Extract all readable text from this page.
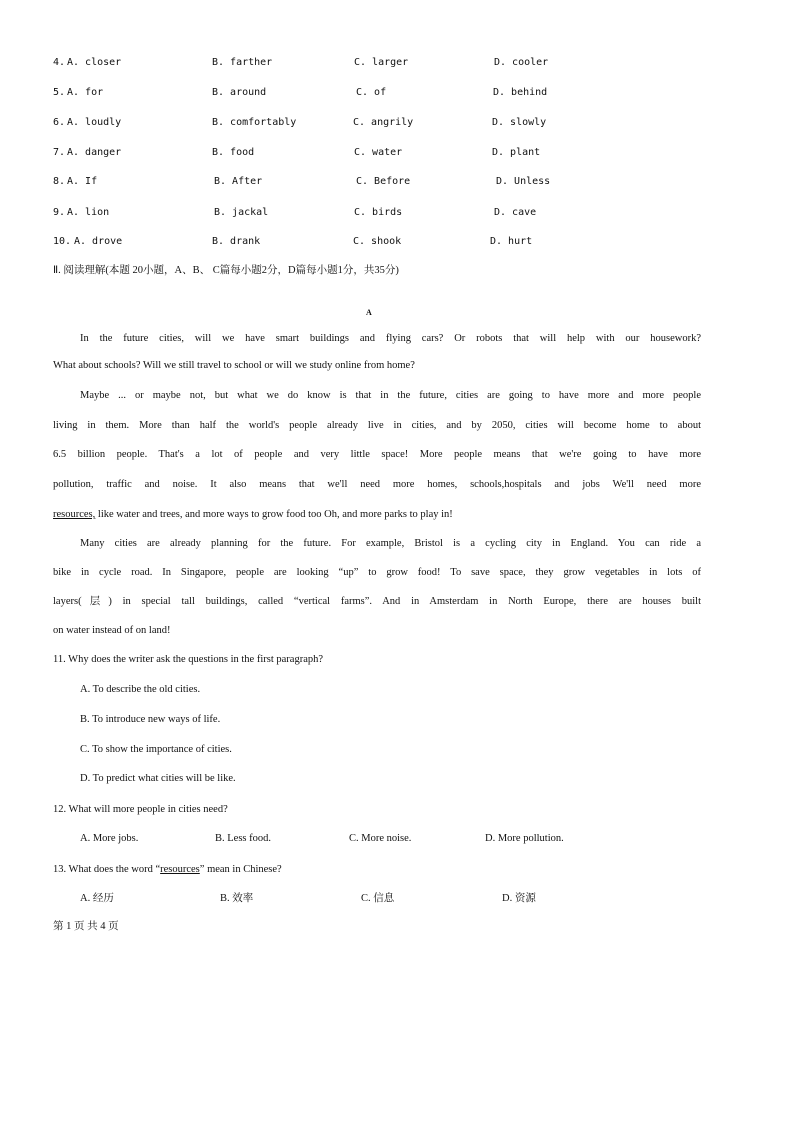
4. A. closer	B. farther	C. larger	D. cooler
5. A. for	B. around	C. of	D. behind
6. A. loudly	B. comfortably	C. angrily	D. slowly
7. A. danger	B. food	C. water	D. plant
8. A. If	B. After	C. Before	D. Unless
9. A. lion	B. jackal	C. birds	D. cave
10. A. drove	B. drank	C. shook	D. hurt
Ⅱ. 阅读理解(本题 20小题，A、B、 C篇每小题2分，D篇每小题1分，共35分)
A
In the future cities, will we have smart buildings and flying cars? Or robots that will help with our housework?
What about schools? Will we still travel to school or will we study online from home?
Maybe ... or maybe not, but what we do know is that in the future, cities are going to have more and more people
living in them. More than half the world's people already live in cities, and by 2050, cities will become home to about
6.5 billion people. That's a lot of people and very little space! More people means that we're going to have more
pollution, traffic and noise. It also means that we'll need more homes, schools,hospitals and jobs We'll need more
resources, like water and trees, and more ways to grow food too Oh, and more parks to play in!
Many cities are already planning for the future. For example, Bristol is a cycling city in England. You can ride a
bike in cycle road. In Singapore, people are looking “up” to grow food! To save space, they grow vegetables in lots of
layers(层) in special tall buildings, called “vertical farms”. And in Amsterdam in North Europe, there are houses built
on water instead of on land!
11. Why does the writer ask the questions in the first paragraph?
A. To describe the old cities.
B. To introduce new ways of life.
C. To show the importance of cities.
D. To predict what cities will be like.
12. What will more people in cities need?
A. More jobs.	B. Less food.	C. More noise.	D. More pollution.
13. What does the word “resources” mean in Chinese?
A. 经历	B. 效率	C. 信息	D. 资源
第 1 页 共 4 页
